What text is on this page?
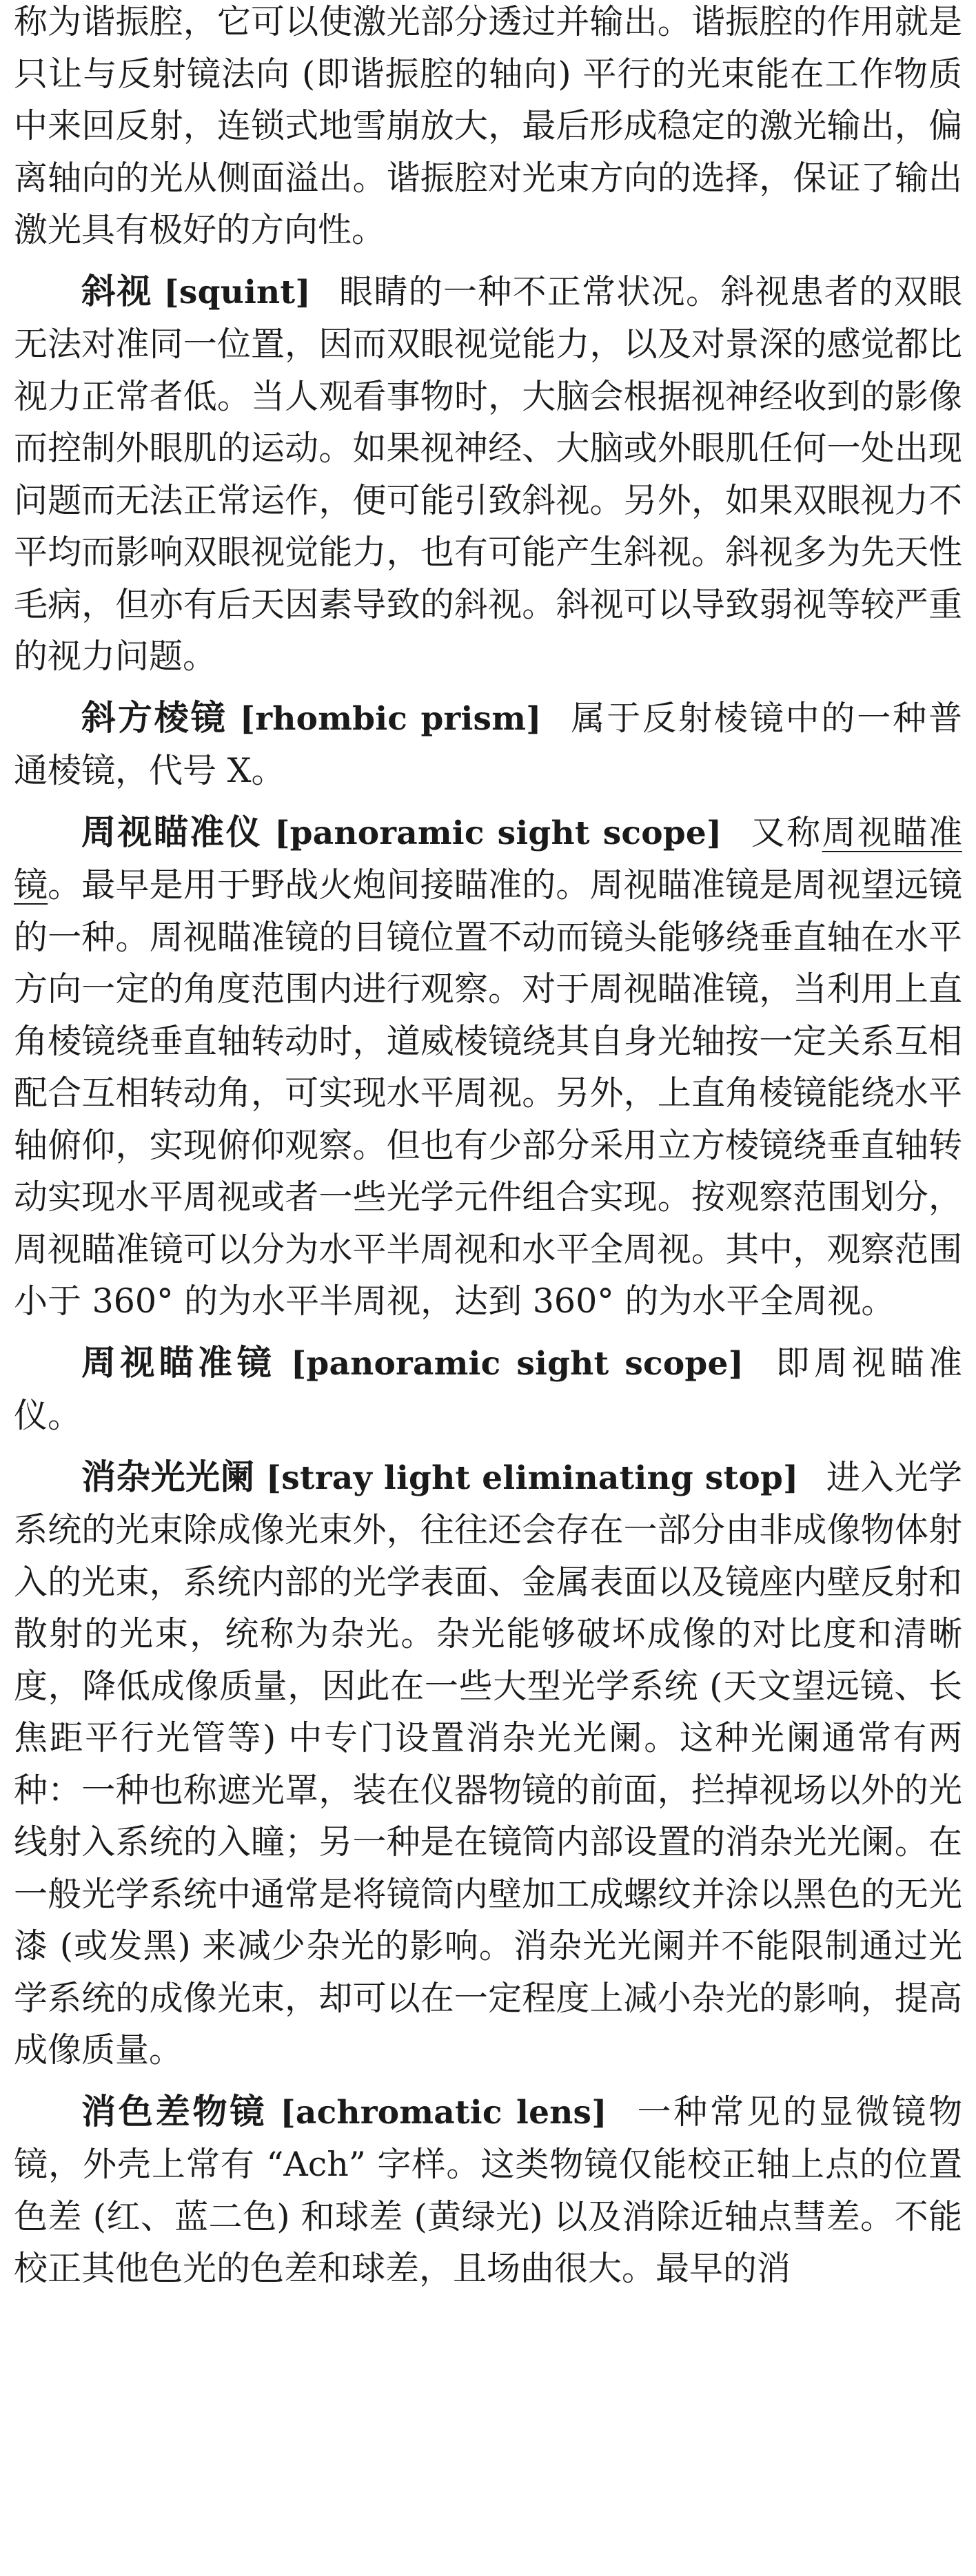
称为谐振腔，它可以使激光部分透过并输出。谐振腔的作用就是只让与反射镜法向 (即谐振腔的轴向) 平行的光束能在工作物质中来回反射，连锁式地雪崩放大，最后形成稳定的激光输出，偏离轴向的光从侧面溢出。谐振腔对光束方向的选择，保证了输出激光具有极好的方向性。

斜视 [squint] 眼睛的一种不正常状况。斜视患者的双眼无法对准同一位置，因而双眼视觉能力，以及对景深的感觉都比视力正常者低。当人观看事物时，大脑会根据视神经收到的影像而控制外眼肌的运动。如果视神经、大脑或外眼肌任何一处出现问题而无法正常运作，便可能引致斜视。另外，如果双眼视力不平均而影响双眼视觉能力，也有可能产生斜视。斜视多为先天性毛病，但亦有后天因素导致的斜视。斜视可以导致弱视等较严重的视力问题。

斜方棱镜 [rhombic prism] 属于反射棱镜中的一种普通棱镜，代号 X。

周视瞄准仪 [panoramic sight scope] 又称周视瞄准镜。最早是用于野战火炮间接瞄准的。周视瞄准镜是周视望远镜的一种。周视瞄准镜的目镜位置不动而镜头能够绕垂直轴在水平方向一定的角度范围内进行观察。对于周视瞄准镜，当利用上直角棱镜绕垂直轴转动时，道威棱镜绕其自身光轴按一定关系互相配合互相转动角，可实现水平周视。另外，上直角棱镜能绕水平轴俯仰，实现俯仰观察。但也有少部分采用立方棱镜绕垂直轴转动实现水平周视或者一些光学元件组合实现。按观察范围划分，周视瞄准镜可以分为水平半周视和水平全周视。其中，观察范围小于 360° 的为水平半周视，达到 360° 的为水平全周视。

周视瞄准镜 [panoramic sight scope] 即周视瞄准仪。

消杂光光阑 [stray light eliminating stop] 进入光学系统的光束除成像光束外，往往还会存在一部分由非成像物体射入的光束，系统内部的光学表面、金属表面以及镜座内壁反射和散射的光束，统称为杂光。杂光能够破坏成像的对比度和清晰度，降低成像质量，因此在一些大型光学系统 (天文望远镜、长焦距平行光管等) 中专门设置消杂光光阑。这种光阑通常有两种：一种也称遮光罩，装在仪器物镜的前面，拦掉视场以外的光线射入系统的入瞳；另一种是在镜筒内部设置的消杂光光阑。在一般光学系统中通常是将镜筒内壁加工成螺纹并涂以黑色的无光漆 (或发黑) 来减少杂光的影响。消杂光光阑并不能限制通过光学系统的成像光束，却可以在一定程度上减小杂光的影响，提高成像质量。

消色差物镜 [achromatic lens] 一种常见的显微镜物镜，外壳上常有 “Ach” 字样。这类物镜仅能校正轴上点的位置色差 (红、蓝二色) 和球差 (黄绿光) 以及消除近轴点彗差。不能校正其他色光的色差和球差，且场曲很大。最早的消
